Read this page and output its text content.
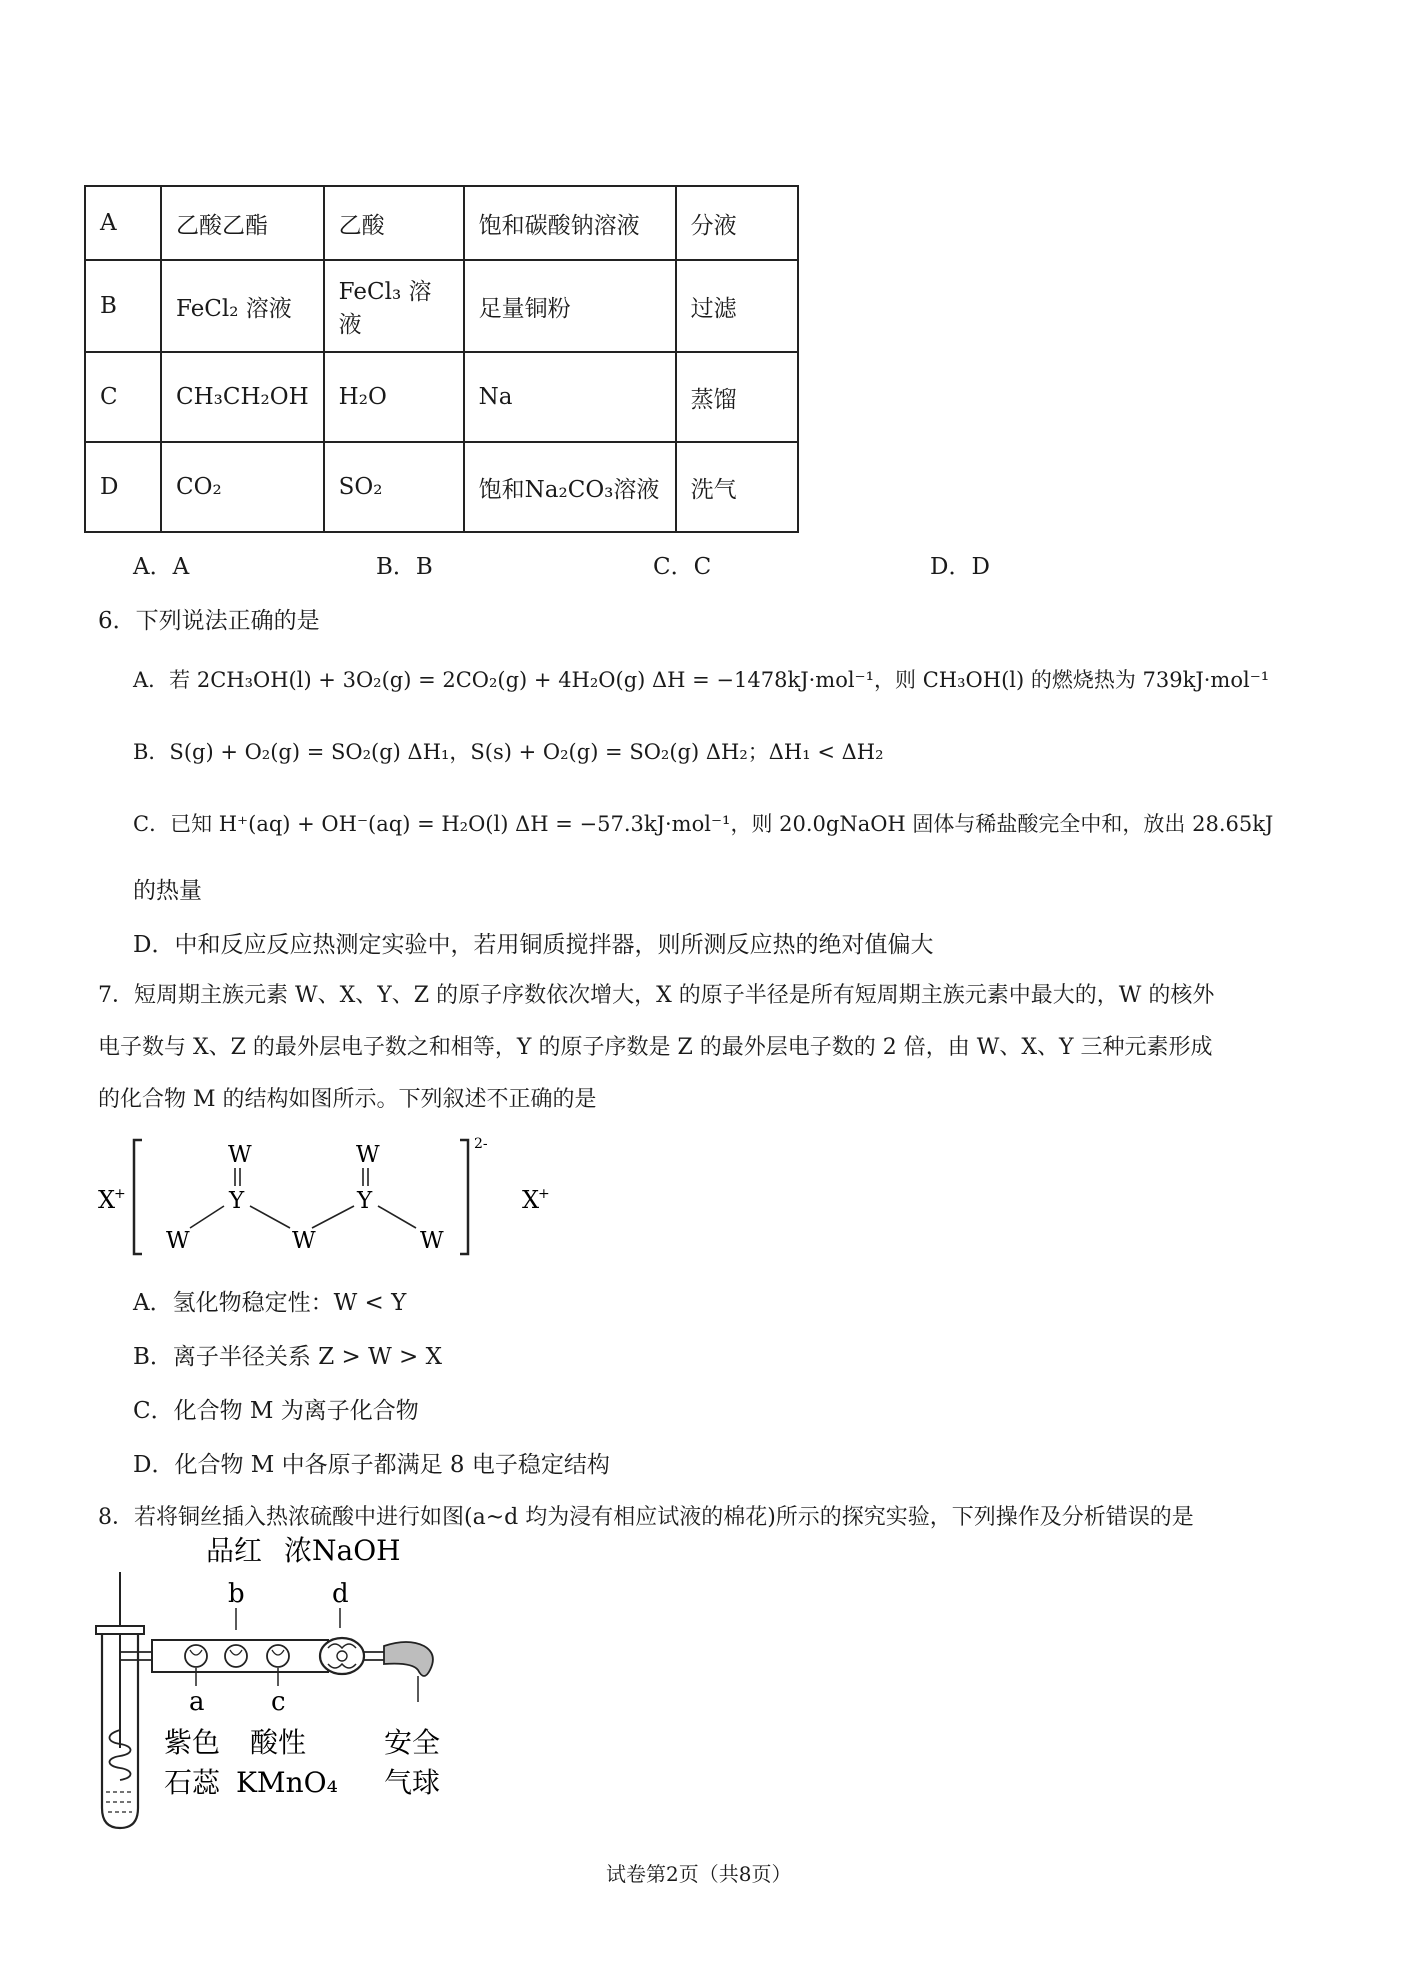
A	乙酸乙酯	乙酸	饱和碳酸钠溶液	分液
B	FeCl₂ 溶液	FeCl₃ 溶液	足量铜粉	过滤
C	CH₃CH₂OH	H₂O	Na	蒸馏
D	CO₂	SO₂	饱和Na₂CO₃溶液	洗气
A．A	B．B	C．C	D．D
6．下列说法正确的是
A．若 2CH₃OH(l) + 3O₂(g) = 2CO₂(g) + 4H₂O(g) ΔH = −1478kJ·mol⁻¹，则 CH₃OH(l) 的燃烧热为 739kJ·mol⁻¹
B．S(g) + O₂(g) = SO₂(g) ΔH₁，S(s) + O₂(g) = SO₂(g) ΔH₂；ΔH₁ < ΔH₂
C．已知 H⁺(aq) + OH⁻(aq) = H₂O(l) ΔH = −57.3kJ·mol⁻¹，则 20.0gNaOH 固体与稀盐酸完全中和，放出 28.65kJ
的热量
D．中和反应反应热测定实验中，若用铜质搅拌器，则所测反应热的绝对值偏大
7．短周期主族元素 W、X、Y、Z 的原子序数依次增大，X 的原子半径是所有短周期主族元素中最大的，W 的核外
电子数与 X、Z 的最外层电子数之和相等，Y 的原子序数是 Z 的最外层电子数的 2 倍，由 W、X、Y 三种元素形成
的化合物 M 的结构如图所示。下列叙述不正确的是
X
+
2-
X
+
W	W
Y	Y
W	W	W
A．氢化物稳定性：W < Y
B．离子半径关系 Z > W > X
C．化合物 M 为离子化合物
D．化合物 M 中各原子都满足 8 电子稳定结构
8．若将铜丝插入热浓硫酸中进行如图(a~d 均为浸有相应试液的棉花)所示的探究实验，下列操作及分析错误的是
品红 浓NaOH
b	d
a	c
紫色
石蕊
酸性
KMnO₄
安全
气球
试卷第2页（共8页）
